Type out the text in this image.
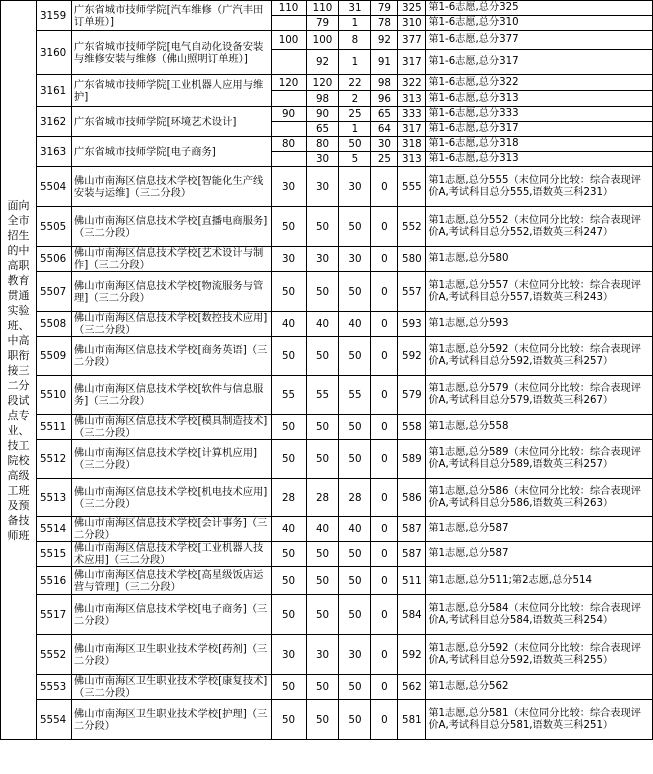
面向全市招生的中高职教育贯通实验班、中高职衔接三二分段试点专业、技工院校高级工班及预备技师班	3159	广东省城市技师学院[汽车维修（广汽丰田订单班）]	110	110	31	79	325	第1-6志愿,总分325
				79	1	78	310	第1-6志愿,总分310
	3160	广东省城市技师学院[电气自动化设备安装与维修安装与维修（佛山照明订单班）]	100	100	8	92	377	第1-6志愿,总分377
				92	1	91	317	第1-6志愿,总分317
	3161	广东省城市技师学院[工业机器人应用与维护]	120	120	22	98	322	第1-6志愿,总分322
				98	2	96	313	第1-6志愿,总分313
	3162	广东省城市技师学院[环境艺术设计]	90	90	25	65	333	第1-6志愿,总分333
				65	1	64	317	第1-6志愿,总分317
	3163	广东省城市技师学院[电子商务]	80	80	50	30	318	第1-6志愿,总分318
				30	5	25	313	第1-6志愿,总分313
	5504	佛山市南海区信息技术学校[智能化生产线安装与运维]（三二分段）	30	30	30	0	555	第1志愿,总分555（末位同分比较：综合表现评价A,考试科目总分555,语数英三科231）
	5505	佛山市南海区信息技术学校[直播电商服务]（三二分段）	50	50	50	0	552	第1志愿,总分552（末位同分比较：综合表现评价A,考试科目总分552,语数英三科247）
	5506	佛山市南海区信息技术学校[艺术设计与制作]（三二分段）	30	30	30	0	580	第1志愿,总分580
	5507	佛山市南海区信息技术学校[物流服务与管理]（三二分段）	50	50	50	0	557	第1志愿,总分557（末位同分比较：综合表现评价A,考试科目总分557,语数英三科243）
	5508	佛山市南海区信息技术学校[数控技术应用]（三二分段）	40	40	40	0	593	第1志愿,总分593
	5509	佛山市南海区信息技术学校[商务英语]（三二分段）	50	50	50	0	592	第1志愿,总分592（末位同分比较：综合表现评价A,考试科目总分592,语数英三科257）
	5510	佛山市南海区信息技术学校[软件与信息服务]（三二分段）	55	55	55	0	579	第1志愿,总分579（末位同分比较：综合表现评价A,考试科目总分579,语数英三科267）
	5511	佛山市南海区信息技术学校[模具制造技术]（三二分段）	50	50	50	0	558	第1志愿,总分558
	5512	佛山市南海区信息技术学校[计算机应用]（三二分段）	50	50	50	0	589	第1志愿,总分589（末位同分比较：综合表现评价A,考试科目总分589,语数英三科257）
	5513	佛山市南海区信息技术学校[机电技术应用]（三二分段）	28	28	28	0	586	第1志愿,总分586（末位同分比较：综合表现评价A,考试科目总分586,语数英三科263）
	5514	佛山市南海区信息技术学校[会计事务]（三二分段）	40	40	40	0	587	第1志愿,总分587
	5515	佛山市南海区信息技术学校[工业机器人技术应用]（三二分段）	50	50	50	0	587	第1志愿,总分587
	5516	佛山市南海区信息技术学校[高星级饭店运营与管理]（三二分段）	50	50	50	0	511	第1志愿,总分511;第2志愿,总分514
	5517	佛山市南海区信息技术学校[电子商务]（三二分段）	50	50	50	0	584	第1志愿,总分584（末位同分比较：综合表现评价A,考试科目总分584,语数英三科254）
	5552	佛山市南海区卫生职业技术学校[药剂]（三二分段）	30	30	30	0	592	第1志愿,总分592（末位同分比较：综合表现评价A,考试科目总分592,语数英三科255）
	5553	佛山市南海区卫生职业技术学校[康复技术]（三二分段）	50	50	50	0	562	第1志愿,总分562
	5554	佛山市南海区卫生职业技术学校[护理]（三二分段）	50	50	50	0	581	第1志愿,总分581（末位同分比较：综合表现评价A,考试科目总分581,语数英三科251）
